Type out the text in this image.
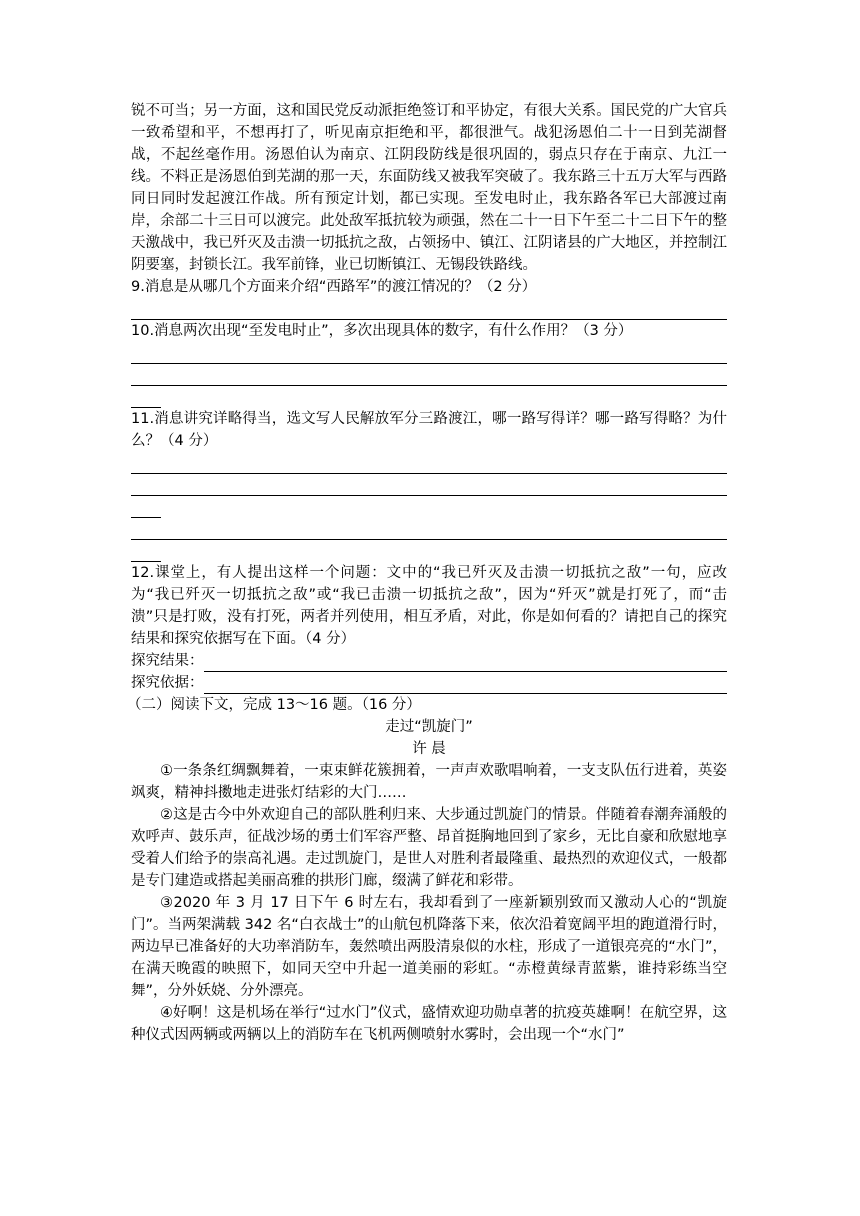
锐不可当；另一方面，这和国民党反动派拒绝签订和平协定，有很大关系。国民党的广大官兵一致希望和平，不想再打了，听见南京拒绝和平，都很泄气。战犯汤恩伯二十一日到芜湖督战，不起丝毫作用。汤恩伯认为南京、江阴段防线是很巩固的，弱点只存在于南京、九江一线。不料正是汤恩伯到芜湖的那一天，东面防线又被我军突破了。我东路三十五万大军与西路同日同时发起渡江作战。所有预定计划，都已实现。至发电时止，我东路各军已大部渡过南岸，余部二十三日可以渡完。此处敌军抵抗较为顽强，然在二十一日下午至二十二日下午的整天激战中，我已歼灭及击溃一切抵抗之敌，占领扬中、镇江、江阴诸县的广大地区，并控制江阴要塞，封锁长江。我军前锋，业已切断镇江、无锡段铁路线。

9.消息是从哪几个方面来介绍“西路军”的渡江情况的？（2 分）

10.消息两次出现“至发电时止”，多次出现具体的数字，有什么作用？（3 分）

11.消息讲究详略得当，选文写人民解放军分三路渡江，哪一路写得详？哪一路写得略？为什么？（4 分）

12.课堂上，有人提出这样一个问题：文中的“我已歼灭及击溃一切抵抗之敌”一句，应改为“我已歼灭一切抵抗之敌”或“我已击溃一切抵抗之敌”，因为“歼灭”就是打死了，而“击溃”只是打败，没有打死，两者并列使用，相互矛盾，对此，你是如何看的？请把自己的探究结果和探究依据写在下面。（4 分）

探究结果：
探究依据：

（二）阅读下文，完成 13～16 题。（16 分）

走过“凯旋门”

许 晨

①一条条红绸飘舞着，一束束鲜花簇拥着，一声声欢歌唱响着，一支支队伍行进着，英姿飒爽，精神抖擞地走进张灯结彩的大门……

②这是古今中外欢迎自己的部队胜利归来、大步通过凯旋门的情景。伴随着春潮奔涌般的欢呼声、鼓乐声，征战沙场的勇士们军容严整、昂首挺胸地回到了家乡，无比自豪和欣慰地享受着人们给予的崇高礼遇。走过凯旋门，是世人对胜利者最隆重、最热烈的欢迎仪式，一般都是专门建造或搭起美丽高雅的拱形门廊，缀满了鲜花和彩带。

③2020 年 3 月 17 日下午 6 时左右，我却看到了一座新颖别致而又激动人心的“凯旋门”。当两架满载 342 名“白衣战士”的山航包机降落下来，依次沿着宽阔平坦的跑道滑行时，两边早已准备好的大功率消防车，轰然喷出两股清泉似的水柱，形成了一道银亮亮的“水门”，在满天晚霞的映照下，如同天空中升起一道美丽的彩虹。“赤橙黄绿青蓝紫，谁持彩练当空舞”，分外妖娆、分外漂亮。

④好啊！这是机场在举行“过水门”仪式，盛情欢迎功勋卓著的抗疫英雄啊！在航空界，这种仪式因两辆或两辆以上的消防车在飞机两侧喷射水雾时，会出现一个“水门”
